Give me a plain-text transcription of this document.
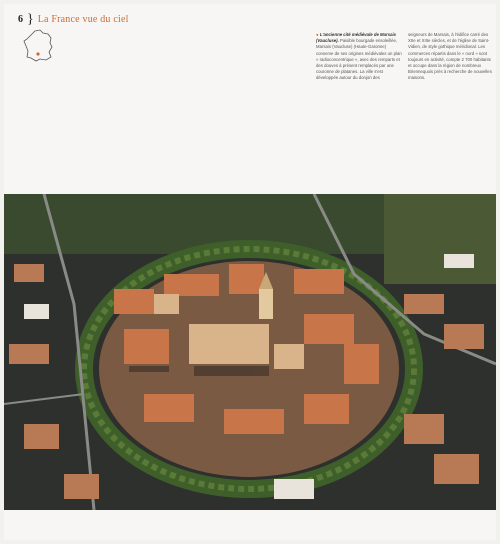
6 } La France vue du ciel
● L'ancienne cité médiévale de Marsais (Vaucluse). Paisible bourgade ensoleillée, Marsais (Vaucluse) (Haute-Garonne) conserve de ses origines médiévales un plan « radioconcentrique », avec des remparts et des douves à présent remplacés par une couronne de platanes. La ville s'est développée autour du donjon des
seigneurs de Marsais, à l'édifice carré des XIIe et XIIIe siècles, et de l'église de Saint-Vidien, de style gothique méridional. Les commerces répartis dans le « nord » sont toujours en activité, compte 2 700 habitants et occupe dans la région de nombreux Briennequois près à recherche de nouvelles maisons.
